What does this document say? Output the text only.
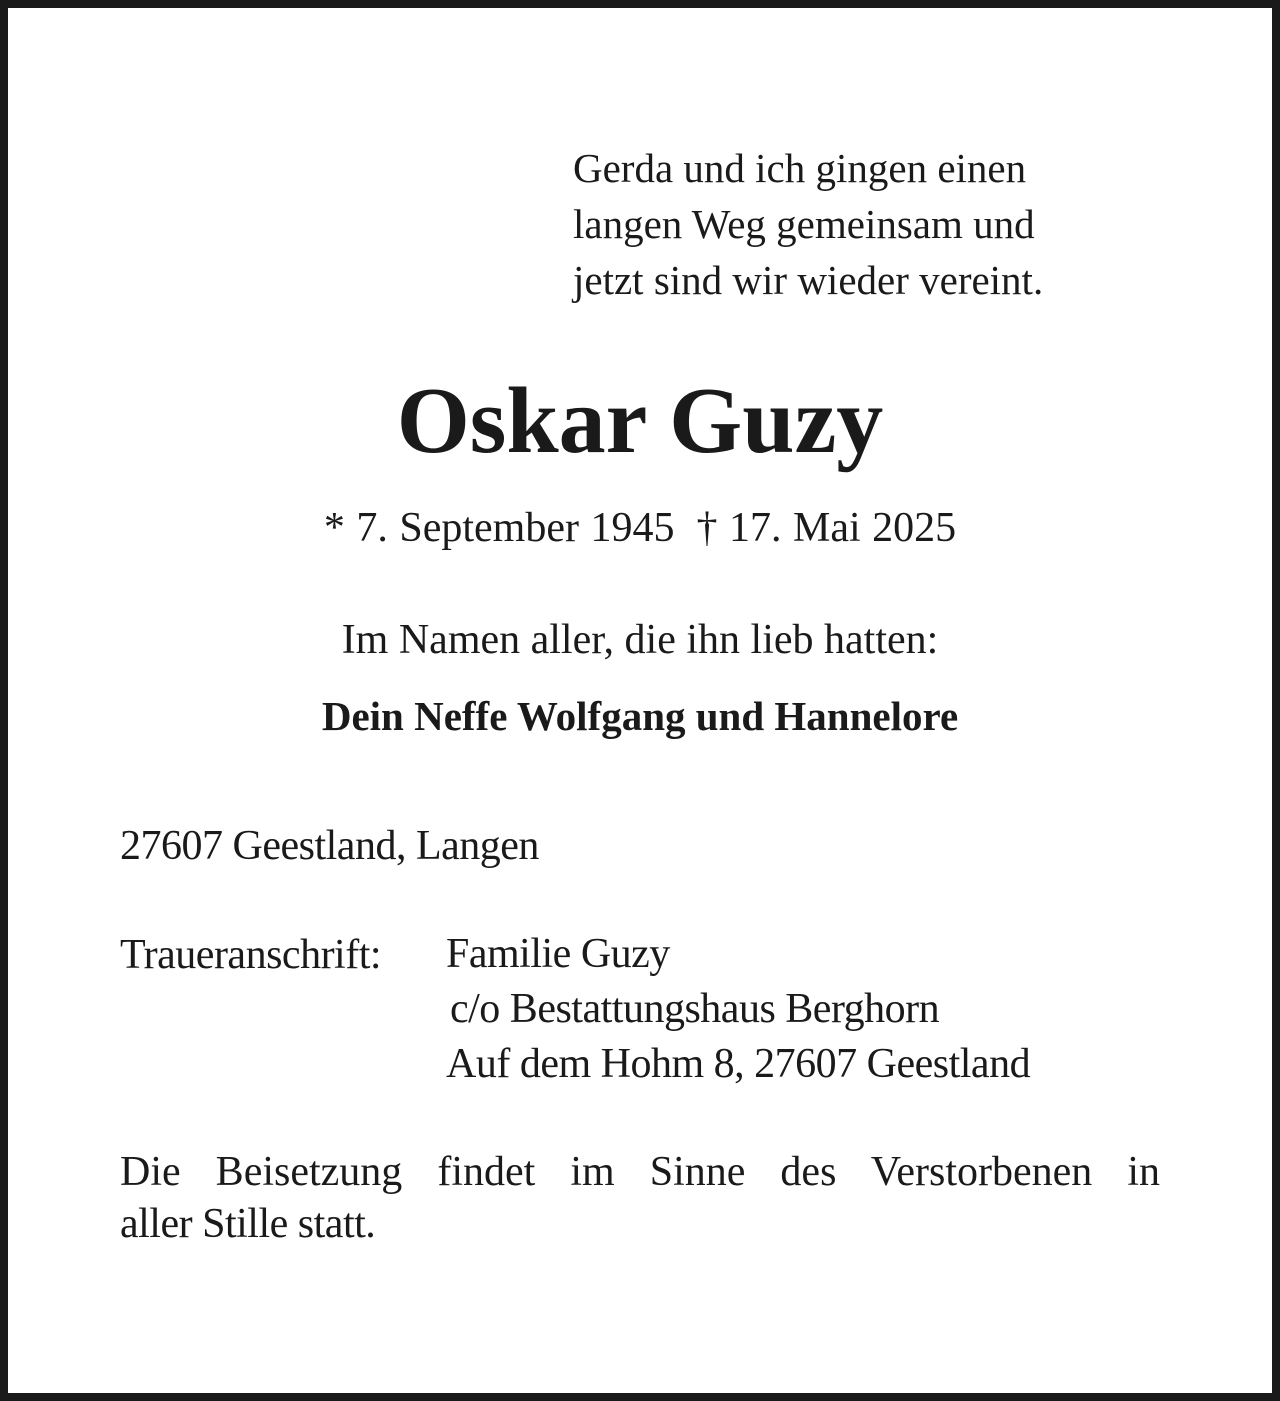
Gerda und ich gingen einen
langen Weg gemeinsam und
jetzt sind wir wieder vereint.
Oskar Guzy
* 7. September 1945 † 17. Mai 2025
Im Namen aller, die ihn lieb hatten:
Dein Neffe Wolfgang und Hannelore
27607 Geestland, Langen
Traueranschrift: Familie Guzy
c/o Bestattungshaus Berghorn
Auf dem Hohm 8, 27607 Geestland
Die Beisetzung findet im Sinne des Verstorbenen in
aller Stille statt.
